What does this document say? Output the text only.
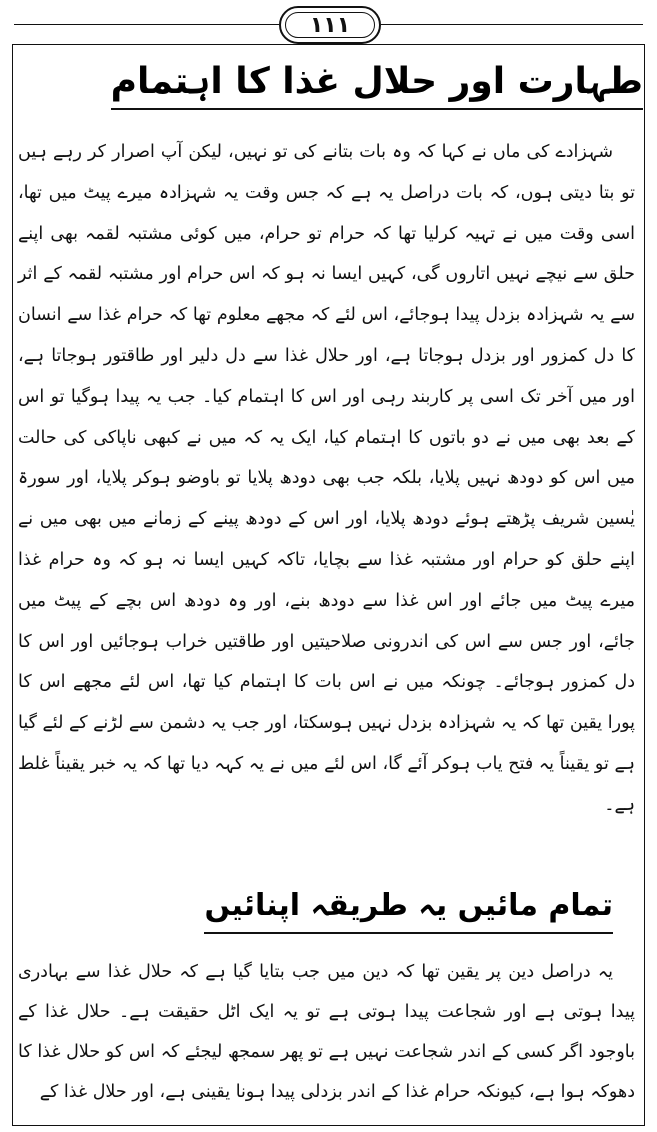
۱۱۱
طہارت اور حلال غذا کا اہتمام

شہزادے کی ماں نے کہا کہ وہ بات بتانے کی تو نہیں، لیکن آپ اصرار کر رہے ہیں تو بتا دیتی ہوں، کہ بات دراصل یہ ہے کہ جس وقت یہ شہزادہ میرے پیٹ میں تھا، اسی وقت میں نے تہیہ کرلیا تھا کہ حرام تو حرام، میں کوئی مشتبہ لقمہ بھی اپنے حلق سے نیچے نہیں اتاروں گی، کہیں ایسا نہ ہو کہ اس حرام اور مشتبہ لقمہ کے اثر سے یہ شہزادہ بزدل پیدا ہوجائے، اس لئے کہ مجھے معلوم تھا کہ حرام غذا سے انسان کا دل کمزور اور بزدل ہوجاتا ہے، اور حلال غذا سے دل دلیر اور طاقتور ہوجاتا ہے، اور میں آخر تک اسی پر کاربند رہی اور اس کا اہتمام کیا۔ جب یہ پیدا ہوگیا تو اس کے بعد بھی میں نے دو باتوں کا اہتمام کیا، ایک یہ کہ میں نے کبھی ناپاکی کی حالت میں اس کو دودھ نہیں پلایا، بلکہ جب بھی دودھ پلایا تو باوضو ہوکر پلایا، اور سورۃ یٰسین شریف پڑھتے ہوئے دودھ پلایا، اور اس کے دودھ پینے کے زمانے میں بھی میں نے اپنے حلق کو حرام اور مشتبہ غذا سے بچایا، تاکہ کہیں ایسا نہ ہو کہ وہ حرام غذا میرے پیٹ میں جائے اور اس غذا سے دودھ بنے، اور وہ دودھ اس بچے کے پیٹ میں جائے، اور جس سے اس کی اندرونی صلاحیتیں اور طاقتیں خراب ہوجائیں اور اس کا دل کمزور ہوجائے۔ چونکہ میں نے اس بات کا اہتمام کیا تھا، اس لئے مجھے اس کا پورا یقین تھا کہ یہ شہزادہ بزدل نہیں ہوسکتا، اور جب یہ دشمن سے لڑنے کے لئے گیا ہے تو یقیناً یہ فتح یاب ہوکر آئے گا، اس لئے میں نے یہ کہہ دیا تھا کہ یہ خبر یقیناً غلط ہے۔

تمام مائیں یہ طریقہ اپنائیں

یہ دراصل دین پر یقین تھا کہ دین میں جب بتایا گیا ہے کہ حلال غذا سے بہادری پیدا ہوتی ہے اور شجاعت پیدا ہوتی ہے تو یہ ایک اٹل حقیقت ہے۔ حلال غذا کے باوجود اگر کسی کے اندر شجاعت نہیں ہے تو پھر سمجھ لیجئے کہ اس کو حلال غذا کا دھوکہ ہوا ہے، کیونکہ حرام غذا کے اندر بزدلی پیدا ہونا یقینی ہے، اور حلال غذا کے
